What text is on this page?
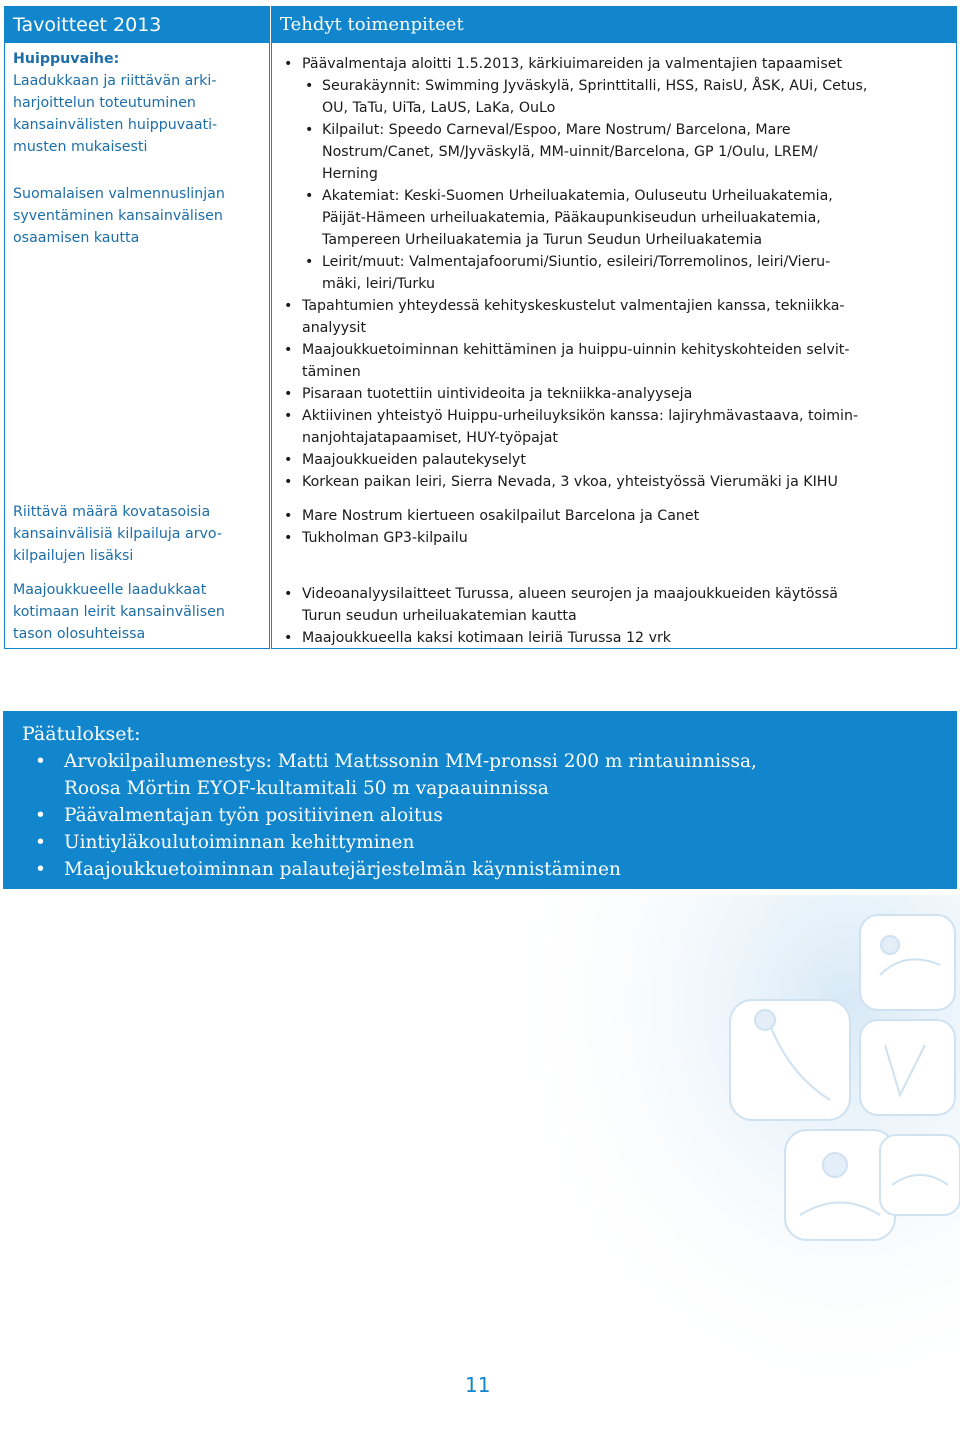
Tavoitteet 2013
Huippuvaihe:
Laadukkaan ja riittävän arki-
harjoittelun toteutuminen
kansainvälisten huippuvaati-
musten mukaisesti
Suomalaisen valmennuslinjan
syventäminen kansainvälisen
osaamisen kautta
Riittävä määrä kovatasoisia
kansainvälisiä kilpailuja arvo-
kilpailujen lisäksi
Maajoukkueelle laadukkaat
kotimaan leirit kansainvälisen
tason olosuhteissa
Tehdyt toimenpiteet
• Päävalmentaja aloitti 1.5.2013, kärkiuimareiden ja valmentajien tapaamiset
• Seurakäynnit: Swimming Jyväskylä, Sprinttitalli, HSS, RaisU, ÅSK, AUi, Cetus,
OU, TaTu, UiTa, LaUS, LaKa, OuLo
• Kilpailut: Speedo Carneval/Espoo, Mare Nostrum/ Barcelona, Mare
Nostrum/Canet, SM/Jyväskylä, MM-uinnit/Barcelona, GP 1/Oulu, LREM/
Herning
• Akatemiat: Keski-Suomen Urheiluakatemia, Ouluseutu Urheiluakatemia,
Päijät-Hämeen urheiluakatemia, Pääkaupunkiseudun urheiluakatemia,
Tampereen Urheiluakatemia ja Turun Seudun Urheiluakatemia
• Leirit/muut: Valmentajafoorumi/Siuntio, esileiri/Torremolinos, leiri/Vieru-
mäki, leiri/Turku
• Tapahtumien yhteydessä kehityskeskustelut valmentajien kanssa, tekniikka-
analyysit
• Maajoukkuetoiminnan kehittäminen ja huippu-uinnin kehityskohteiden selvit-
täminen
• Pisaraan tuotettiin uintivideoita ja tekniikka-analyyseja
• Aktiivinen yhteistyö Huippu-urheiluyksikön kanssa: lajiryhmävastaava, toimin-
nanjohtajatapaamiset, HUY-työpajat
• Maajoukkueiden palautekyselyt
• Korkean paikan leiri, Sierra Nevada, 3 vkoa, yhteistyössä Vierumäki ja KIHU
• Mare Nostrum kiertueen osakilpailut Barcelona ja Canet
• Tukholman GP3-kilpailu
• Videoanalyysilaitteet Turussa, alueen seurojen ja maajoukkueiden käytössä
Turun seudun urheiluakatemian kautta
• Maajoukkueella kaksi kotimaan leiriä Turussa 12 vrk
Päätulokset:
• Arvokilpailumenestys: Matti Mattssonin MM-pronssi 200 m rintauinnissa,
Roosa Mörtin EYOF-kultamitali 50 m vapaauinnissa
• Päävalmentajan työn positiivinen aloitus
• Uintiyläkoulutoiminnan kehittyminen
• Maajoukkuetoiminnan palautejärjestelmän käynnistäminen
11
